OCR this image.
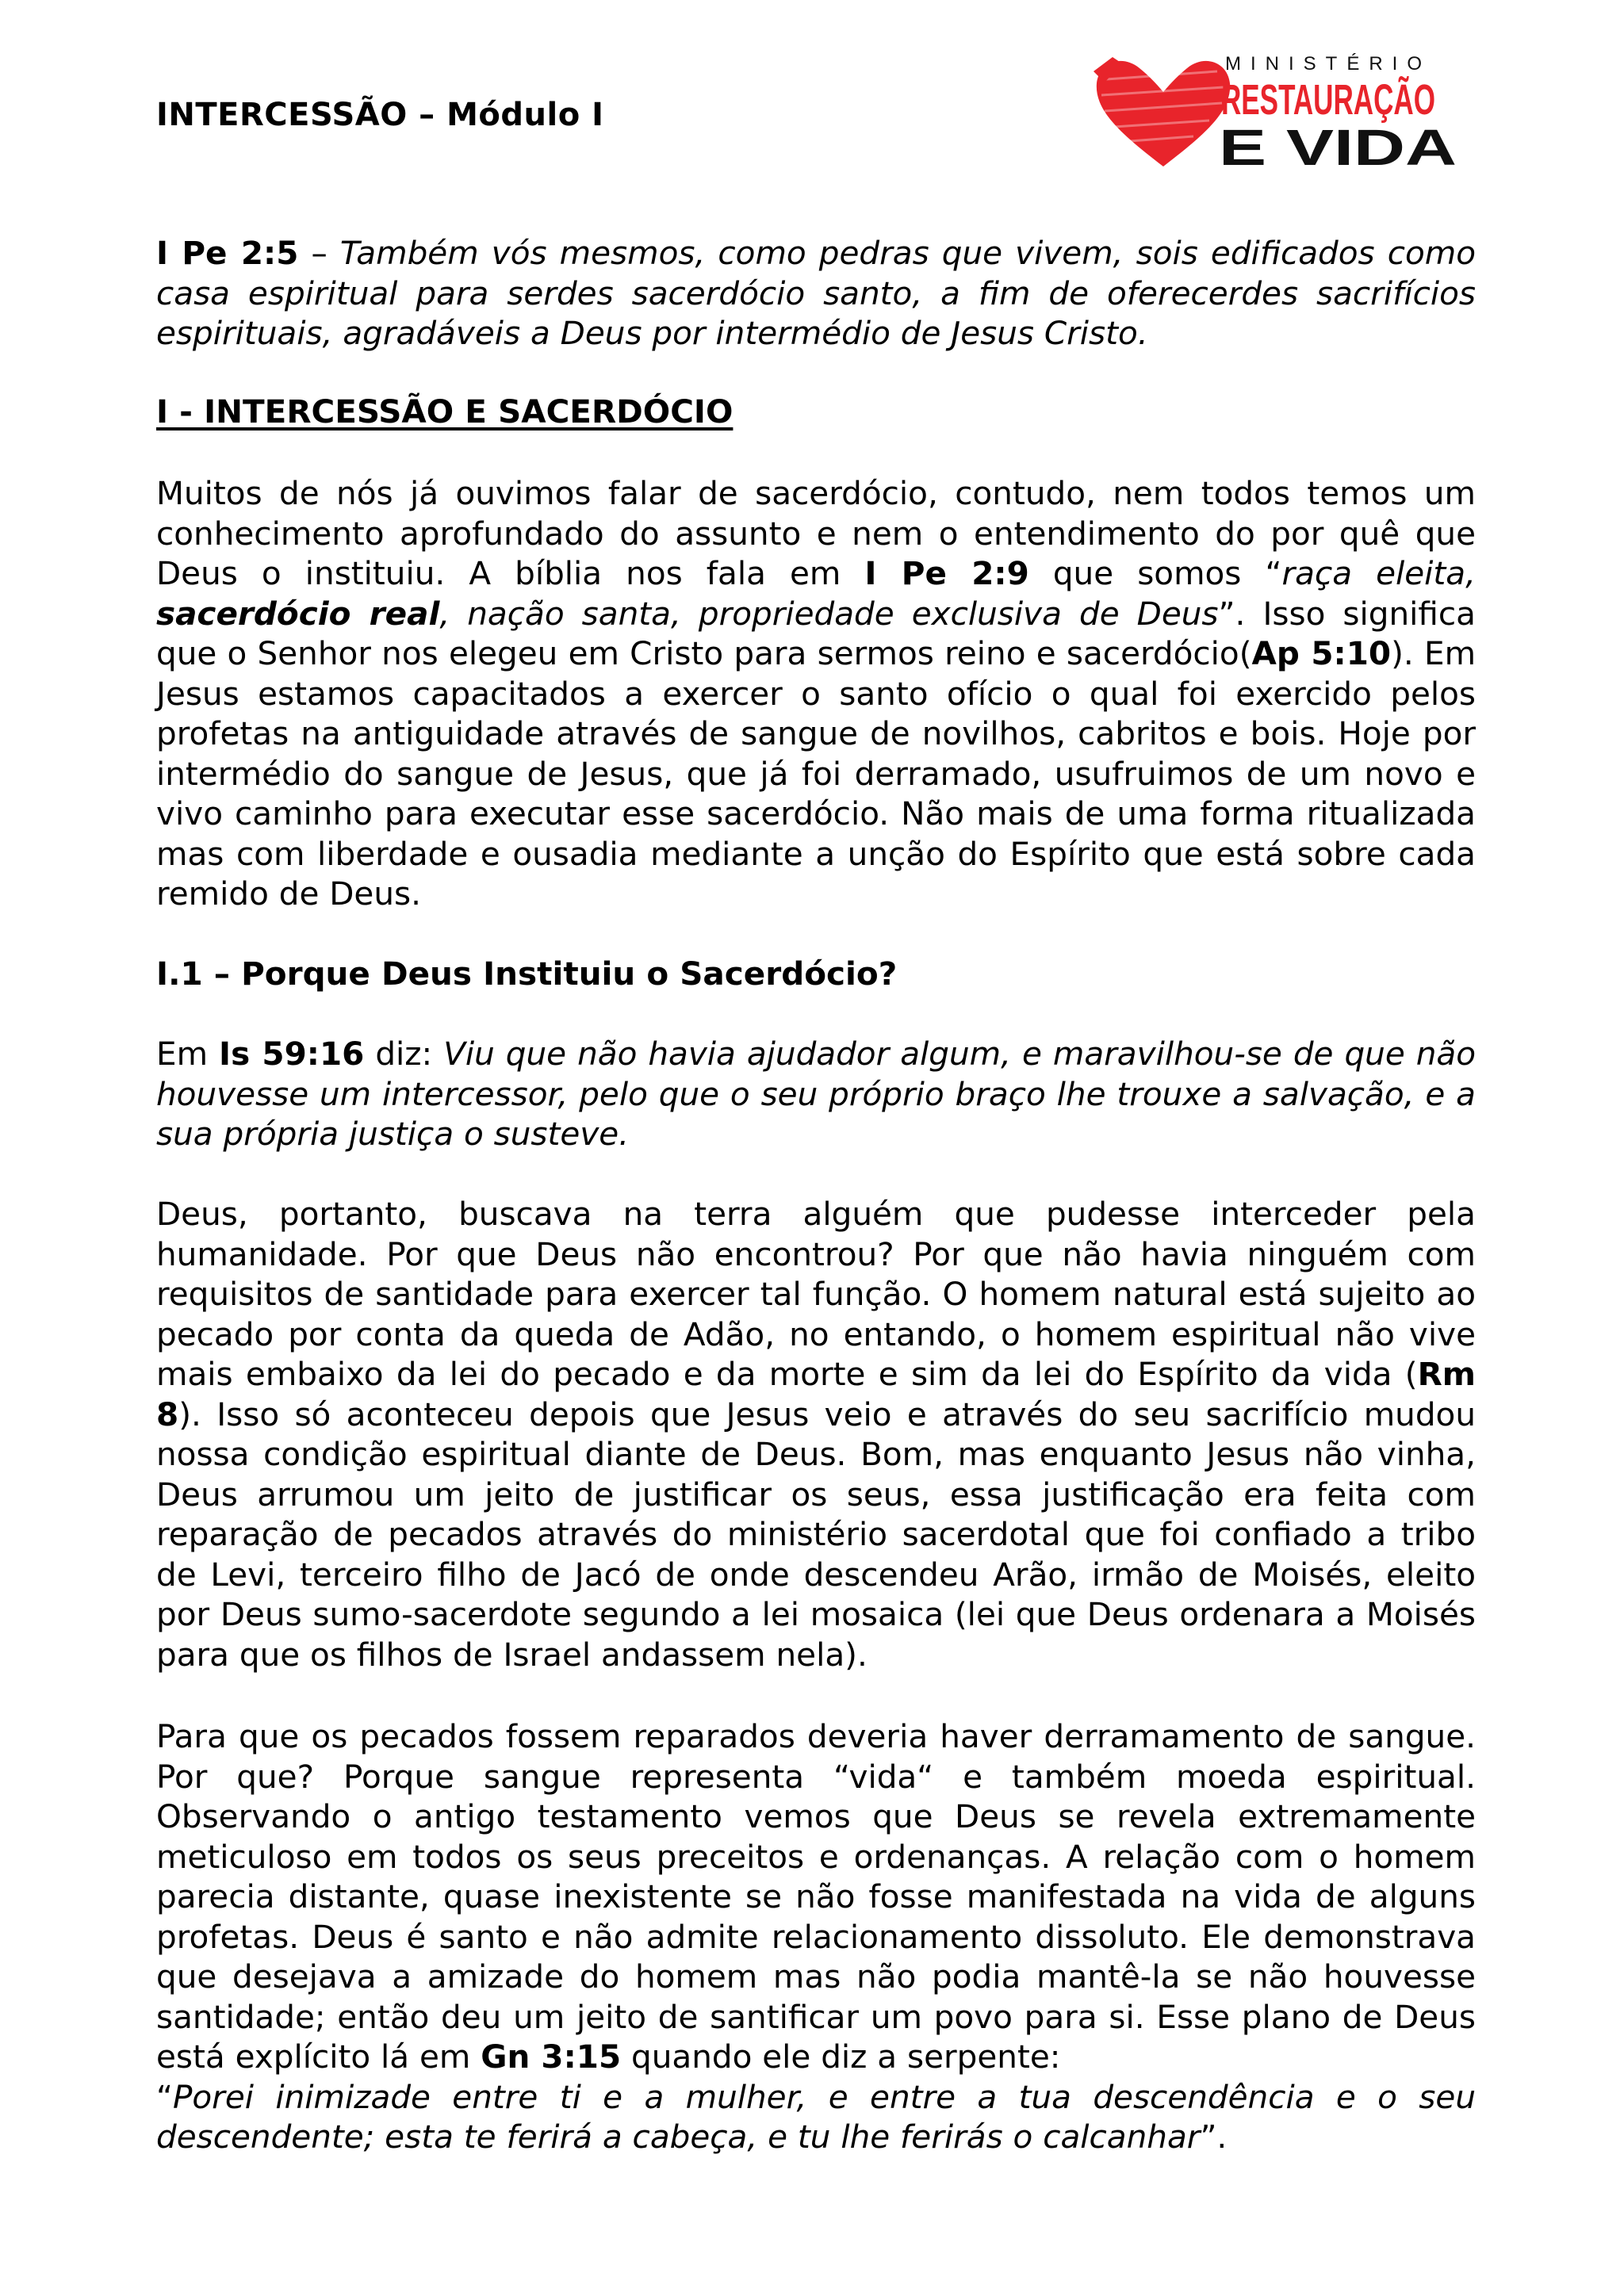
INTERCESSÃO – Módulo I
MINISTÉRIO
RESTAURAÇÃO
E VIDA

I Pe 2:5 – Também vós mesmos, como pedras que vivem, sois edificados como casa espiritual para serdes sacerdócio santo, a fim de oferecerdes sacrifícios espirituais, agradáveis a Deus por intermédio de Jesus Cristo.

I - INTERCESSÃO E SACERDÓCIO

Muitos de nós já ouvimos falar de sacerdócio, contudo, nem todos temos um conhecimento aprofundado do assunto e nem o entendimento do por quê que Deus o instituiu. A bíblia nos fala em I Pe 2:9 que somos “raça eleita, sacerdócio real, nação santa, propriedade exclusiva de Deus”. Isso significa que o Senhor nos elegeu em Cristo para sermos reino e sacerdócio(Ap 5:10). Em Jesus estamos capacitados a exercer o santo ofício o qual foi exercido pelos profetas na antiguidade através de sangue de novilhos, cabritos e bois. Hoje por intermédio do sangue de Jesus, que já foi derramado, usufruimos de um novo e vivo caminho para executar esse sacerdócio. Não mais de uma forma ritualizada mas com liberdade e ousadia mediante a unção do Espírito que está sobre cada remido de Deus.

I.1 – Porque Deus Instituiu o Sacerdócio?

Em Is 59:16 diz: Viu que não havia ajudador algum, e maravilhou-se de que não houvesse um intercessor, pelo que o seu próprio braço lhe trouxe a salvação, e a sua própria justiça o susteve.

Deus, portanto, buscava na terra alguém que pudesse interceder pela humanidade. Por que Deus não encontrou? Por que não havia ninguém com requisitos de santidade para exercer tal função. O homem natural está sujeito ao pecado por conta da queda de Adão, no entando, o homem espiritual não vive mais embaixo da lei do pecado e da morte e sim da lei do Espírito da vida (Rm 8). Isso só aconteceu depois que Jesus veio e através do seu sacrifício mudou nossa condição espiritual diante de Deus. Bom, mas enquanto Jesus não vinha, Deus arrumou um jeito de justificar os seus, essa justificação era feita com reparação de pecados através do ministério sacerdotal que foi confiado a tribo de Levi, terceiro filho de Jacó de onde descendeu Arão, irmão de Moisés, eleito por Deus sumo-sacerdote segundo a lei mosaica (lei que Deus ordenara a Moisés para que os filhos de Israel andassem nela).

Para que os pecados fossem reparados deveria haver derramamento de sangue. Por que? Porque sangue representa “vida“ e também moeda espiritual. Observando o antigo testamento vemos que Deus se revela extremamente meticuloso em todos os seus preceitos e ordenanças. A relação com o homem parecia distante, quase inexistente se não fosse manifestada na vida de alguns profetas. Deus é santo e não admite relacionamento dissoluto. Ele demonstrava que desejava a amizade do homem mas não podia mantê-la se não houvesse santidade; então deu um jeito de santificar um povo para si. Esse plano de Deus está explícito lá em Gn 3:15 quando ele diz a serpente:
“Porei inimizade entre ti e a mulher, e entre a tua descendência e o seu descendente; esta te ferirá a cabeça, e tu lhe ferirás o calcanhar”.
